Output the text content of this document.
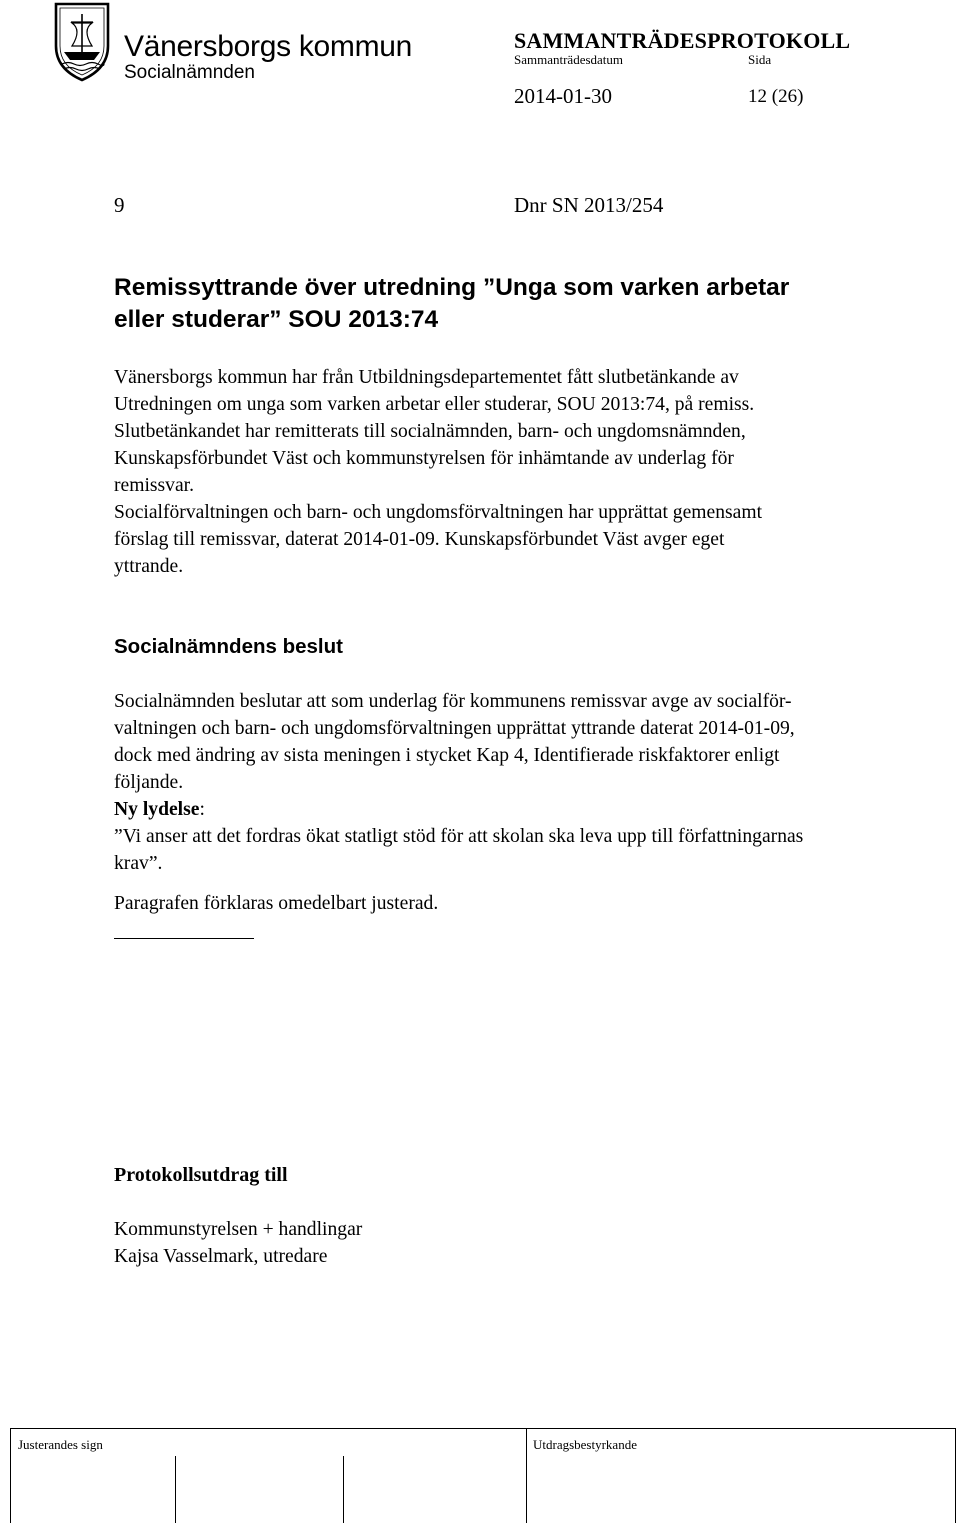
Vänersborgs kommun
Socialnämnden
SAMMANTRÄDESPROTOKOLL
Sammanträdesdatum	Sida
2014-01-30	12 (26)
9	Dnr SN 2013/254
Remissyttrande över utredning ”Unga som varken arbetar
eller studerar” SOU 2013:74
Vänersborgs kommun har från Utbildningsdepartementet fått slutbetänkande av
Utredningen om unga som varken arbetar eller studerar, SOU 2013:74, på remiss.
Slutbetänkandet har remitterats till socialnämnden, barn- och ungdomsnämnden,
Kunskapsförbundet Väst och kommunstyrelsen för inhämtande av underlag för
remissvar.
Socialförvaltningen och barn- och ungdomsförvaltningen har upprättat gemensamt
förslag till remissvar, daterat 2014-01-09. Kunskapsförbundet Väst avger eget
yttrande.
Socialnämndens beslut
Socialnämnden beslutar att som underlag för kommunens remissvar avge av socialför-
valtningen och barn- och ungdomsförvaltningen upprättat yttrande daterat 2014-01-09,
dock med ändring av sista meningen i stycket Kap 4, Identifierade riskfaktorer enligt
följande.
Ny lydelse:
”Vi anser att det fordras ökat statligt stöd för att skolan ska leva upp till författningarnas
krav”.
Paragrafen förklaras omedelbart justerad.
Protokollsutdrag till
Kommunstyrelsen + handlingar
Kajsa Vasselmark, utredare
Justerandes sign	Utdragsbestyrkande
